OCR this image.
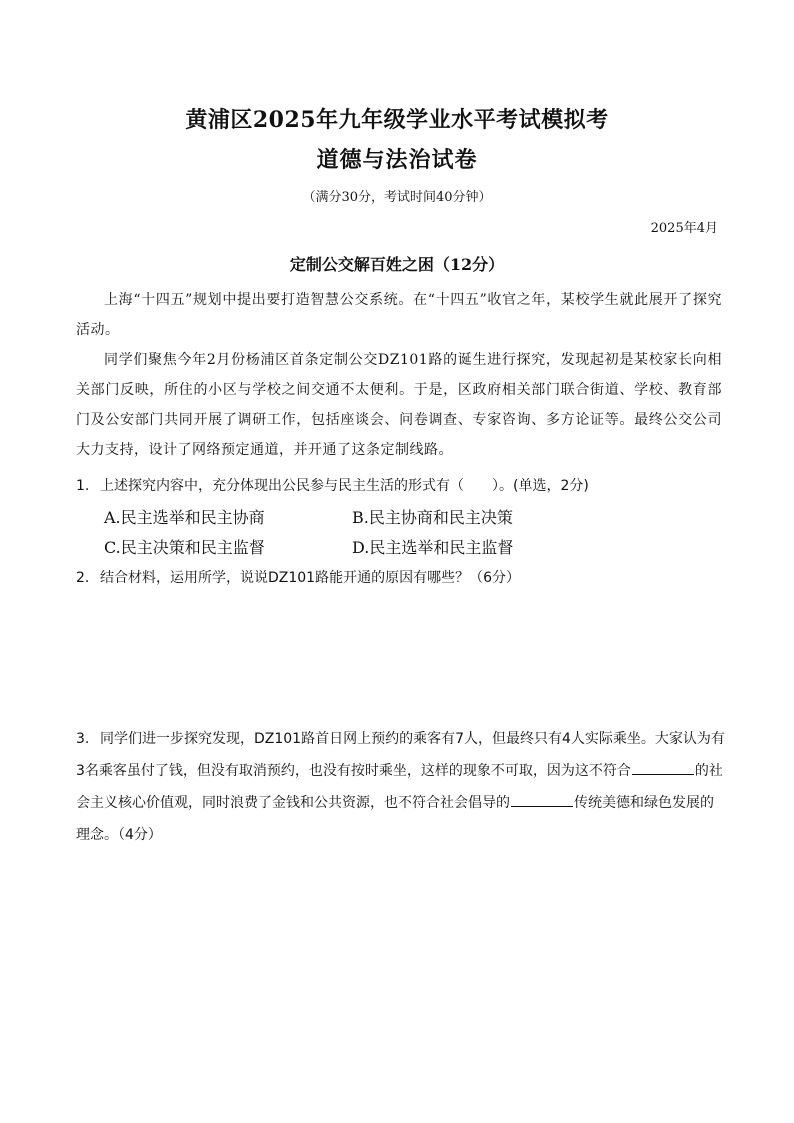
黄浦区2025年九年级学业水平考试模拟考
道德与法治试卷
（满分30分，考试时间40分钟）
2025年4月
定制公交解百姓之困（12分）
上海“十四五”规划中提出要打造智慧公交系统。在“十四五”收官之年，某校学生就此展开了探究活动。
同学们聚焦今年2月份杨浦区首条定制公交DZ101路的诞生进行探究，发现起初是某校家长向相关部门反映，所住的小区与学校之间交通不太便利。于是，区政府相关部门联合街道、学校、教育部门及公安部门共同开展了调研工作，包括座谈会、问卷调查、专家咨询、多方论证等。最终公交公司大力支持，设计了网络预定通道，并开通了这条定制线路。
1. 上述探究内容中，充分体现出公民参与民主生活的形式有（　　）。(单选，2分)
A.民主选举和民主协商	B.民主协商和民主决策
C.民主决策和民主监督	D.民主选举和民主监督
2. 结合材料，运用所学，说说DZ101路能开通的原因有哪些？（6分）
3. 同学们进一步探究发现，DZ101路首日网上预约的乘客有7人，但最终只有4人实际乘坐。大家认为有3名乘客虽付了钱，但没有取消预约，也没有按时乘坐，这样的现象不可取，因为这不符合	的社会主义核心价值观，同时浪费了金钱和公共资源，也不符合社会倡导的	传统美德和绿色发展的理念。（4分）
